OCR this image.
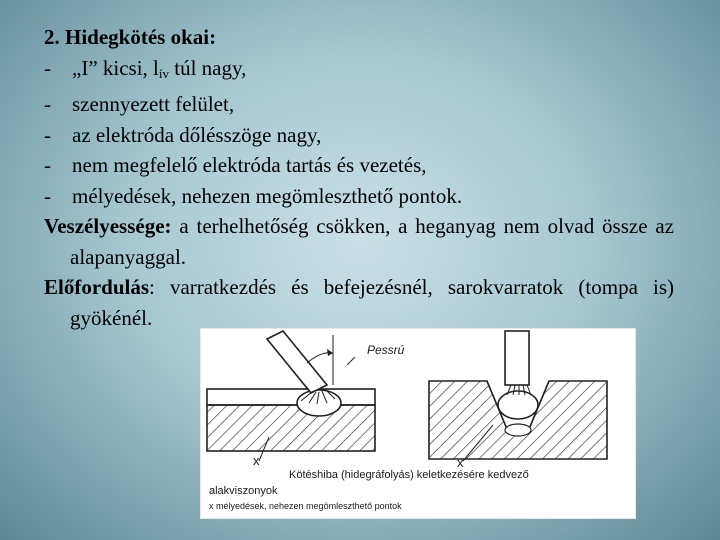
2. Hidegkötés okai:

-	„I” kicsi, $l_{ív}$ túl nagy,

-	szennyezett felület,

-	az elektróda dőlésszöge nagy,

-	nem megfelelő elektróda tartás és vezetés,

-	mélyedések, nehezen megömleszthető pontok.

Veszélyessége: a terhelhetőség csökken, a heganyag nem olvad össze az alapanyaggal.

Előfordulás: varratkezdés és befejezésnél, sarokvarratok (tompa is) gyökénél.

Pessrú
x	x
Kötéshiba (hidegráfolyás) keletkezésére kedvező
alakviszonyok
x mélyedések, nehezen megömleszthető pontok
